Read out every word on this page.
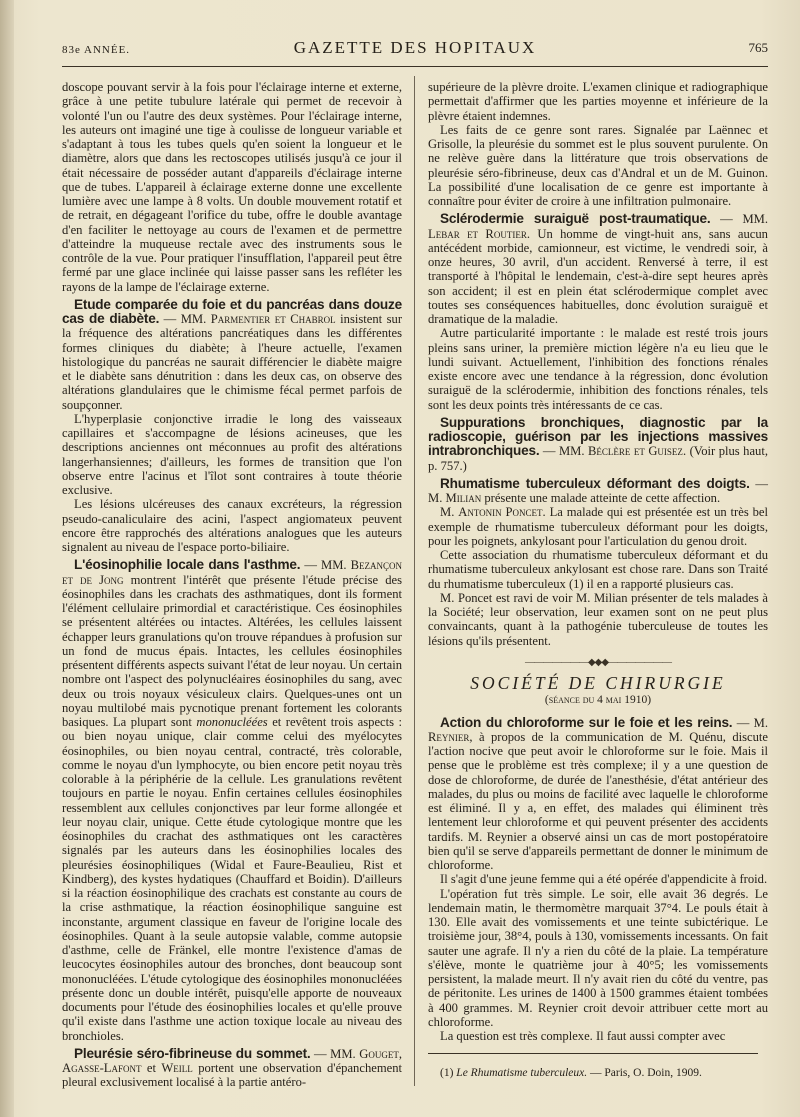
83e ANNÉE.	GAZETTE DES HOPITAUX	765

doscope pouvant servir à la fois pour l'éclairage interne et externe, grâce à une petite tubulure latérale qui permet de recevoir à volonté l'un ou l'autre des deux systèmes. Pour l'éclairage interne, les auteurs ont imaginé une tige à coulisse de longueur variable et s'adaptant à tous les tubes quels qu'en soient la longueur et le diamètre, alors que dans les rectoscopes utilisés jusqu'à ce jour il était nécessaire de posséder autant d'appareils d'éclairage interne que de tubes. L'appareil à éclairage externe donne une excellente lumière avec une lampe à 8 volts. Un double mouvement rotatif et de retrait, en dégageant l'orifice du tube, offre le double avantage d'en faciliter le nettoyage au cours de l'examen et de permettre d'atteindre la muqueuse rectale avec des instruments sous le contrôle de la vue. Pour pratiquer l'insufflation, l'appareil peut être fermé par une glace inclinée qui laisse passer sans les refléter les rayons de la lampe de l'éclairage externe.

Etude comparée du foie et du pancréas dans douze cas de diabète. — MM. Parmentier et Chabrol insistent sur la fréquence des altérations pancréatiques dans les différentes formes cliniques du diabète; à l'heure actuelle, l'examen histologique du pancréas ne saurait différencier le diabète maigre et le diabète sans dénutrition : dans les deux cas, on observe des altérations glandulaires que le chimisme fécal permet parfois de soupçonner.

L'hyperplasie conjonctive irradie le long des vaisseaux capillaires et s'accompagne de lésions acineuses, que les descriptions anciennes ont méconnues au profit des altérations langerhansiennes; d'ailleurs, les formes de transition que l'on observe entre l'acinus et l'îlot sont contraires à toute théorie exclusive.

Les lésions ulcéreuses des canaux excréteurs, la régression pseudo-canaliculaire des acini, l'aspect angiomateux peuvent encore être rapprochés des altérations analogues que les auteurs signalent au niveau de l'espace porto-biliaire.

L'éosinophilie locale dans l'asthme. — MM. Bezançon et de Jong montrent l'intérêt que présente l'étude précise des éosinophiles dans les crachats des asthmatiques, dont ils forment l'élément cellulaire primordial et caractéristique. Ces éosinophiles se présentent altérées ou intactes. Altérées, les cellules laissent échapper leurs granulations qu'on trouve répandues à profusion sur un fond de mucus épais. Intactes, les cellules éosinophiles présentent différents aspects suivant l'état de leur noyau. Un certain nombre ont l'aspect des polynucléaires éosinophiles du sang, avec deux ou trois noyaux vésiculeux clairs. Quelques-unes ont un noyau multilobé mais pycnotique prenant fortement les colorants basiques. La plupart sont mononucléées et revêtent trois aspects : ou bien noyau unique, clair comme celui des myélocytes éosinophiles, ou bien noyau central, contracté, très colorable, comme le noyau d'un lymphocyte, ou bien encore petit noyau très colorable à la périphérie de la cellule. Les granulations revêtent toujours en partie le noyau. Enfin certaines cellules éosinophiles ressemblent aux cellules conjonctives par leur forme allongée et leur noyau clair, unique. Cette étude cytologique montre que les éosinophiles du crachat des asthmatiques ont les caractères signalés par les auteurs dans les éosinophilies locales des pleurésies éosinophiliques (Widal et Faure-Beaulieu, Rist et Kindberg), des kystes hydatiques (Chauffard et Boidin). D'ailleurs si la réaction éosinophilique des crachats est constante au cours de la crise asthmatique, la réaction éosinophilique sanguine est inconstante, argument classique en faveur de l'origine locale des éosinophiles. Quant à la seule autopsie valable, comme autopsie d'asthme, celle de Fränkel, elle montre l'existence d'amas de leucocytes éosinophiles autour des bronches, dont beaucoup sont mononucléées. L'étude cytologique des éosinophiles mononucléées présente donc un double intérêt, puisqu'elle apporte de nouveaux documents pour l'étude des éosinophilies locales et qu'elle prouve qu'il existe dans l'asthme une action toxique locale au niveau des bronchioles.

Pleurésie séro-fibrineuse du sommet. — MM. Gouget, Agasse-Lafont et Weill portent une observation d'épanchement pleural exclusivement localisé à la partie antéro-

supérieure de la plèvre droite. L'examen clinique et radiographique permettait d'affirmer que les parties moyenne et inférieure de la plèvre étaient indemnes.

Les faits de ce genre sont rares. Signalée par Laënnec et Grisolle, la pleurésie du sommet est le plus souvent purulente. On ne relève guère dans la littérature que trois observations de pleurésie séro-fibrineuse, deux cas d'Andral et un de M. Guinon. La possibilité d'une localisation de ce genre est importante à connaître pour éviter de croire à une infiltration pulmonaire.

Sclérodermie suraiguë post-traumatique. — MM. Lebar et Routier. Un homme de vingt-huit ans, sans aucun antécédent morbide, camionneur, est victime, le vendredi soir, à onze heures, 30 avril, d'un accident. Renversé à terre, il est transporté à l'hôpital le lendemain, c'est-à-dire sept heures après son accident; il est en plein état sclérodermique complet avec toutes ses conséquences habituelles, donc évolution suraiguë et dramatique de la maladie.

Autre particularité importante : le malade est resté trois jours pleins sans uriner, la première miction légère n'a eu lieu que le lundi suivant. Actuellement, l'inhibition des fonctions rénales existe encore avec une tendance à la régression, donc évolution suraiguë de la sclérodermie, inhibition des fonctions rénales, tels sont les deux points très intéressants de ce cas.

Suppurations bronchiques, diagnostic par la radioscopie, guérison par les injections massives intrabronchiques. — MM. Béclère et Guisez. (Voir plus haut, p. 757.)

Rhumatisme tuberculeux déformant des doigts. — M. Milian présente une malade atteinte de cette affection.

M. Antonin Poncet. La malade qui est présentée est un très bel exemple de rhumatisme tuberculeux déformant pour les doigts, pour les poignets, ankylosant pour l'articulation du genou droit.

Cette association du rhumatisme tuberculeux déformant et du rhumatisme tuberculeux ankylosant est chose rare. Dans son Traité du rhumatisme tuberculeux (1) il en a rapporté plusieurs cas.

M. Poncet est ravi de voir M. Milian présenter de tels malades à la Société; leur observation, leur examen sont on ne peut plus convaincants, quant à la pathogénie tuberculeuse de toutes les lésions qu'ils présentent.

———————◆◆◆———————
SOCIÉTÉ DE CHIRURGIE
(séance du 4 mai 1910)

Action du chloroforme sur le foie et les reins. — M. Reynier, à propos de la communication de M. Quénu, discute l'action nocive que peut avoir le chloroforme sur le foie. Mais il pense que le problème est très complexe; il y a une question de dose de chloroforme, de durée de l'anesthésie, d'état antérieur des malades, du plus ou moins de facilité avec laquelle le chloroforme est éliminé. Il y a, en effet, des malades qui éliminent très lentement leur chloroforme et qui peuvent présenter des accidents tardifs. M. Reynier a observé ainsi un cas de mort postopératoire bien qu'il se serve d'appareils permettant de donner le minimum de chloroforme.

Il s'agit d'une jeune femme qui a été opérée d'appendicite à froid.

L'opération fut très simple. Le soir, elle avait 36 degrés. Le lendemain matin, le thermomètre marquait 37°4. Le pouls était à 130. Elle avait des vomissements et une teinte subictérique. Le troisième jour, 38°4, pouls à 130, vomissements incessants. On fait sauter une agrafe. Il n'y a rien du côté de la plaie. La température s'élève, monte le quatrième jour à 40°5; les vomissements persistent, la malade meurt. Il n'y avait rien du côté du ventre, pas de péritonite. Les urines de 1400 à 1500 grammes étaient tombées à 400 grammes. M. Reynier croit devoir attribuer cette mort au chloroforme.

La question est très complexe. Il faut aussi compter avec

(1) Le Rhumatisme tuberculeux. — Paris, O. Doin, 1909.
